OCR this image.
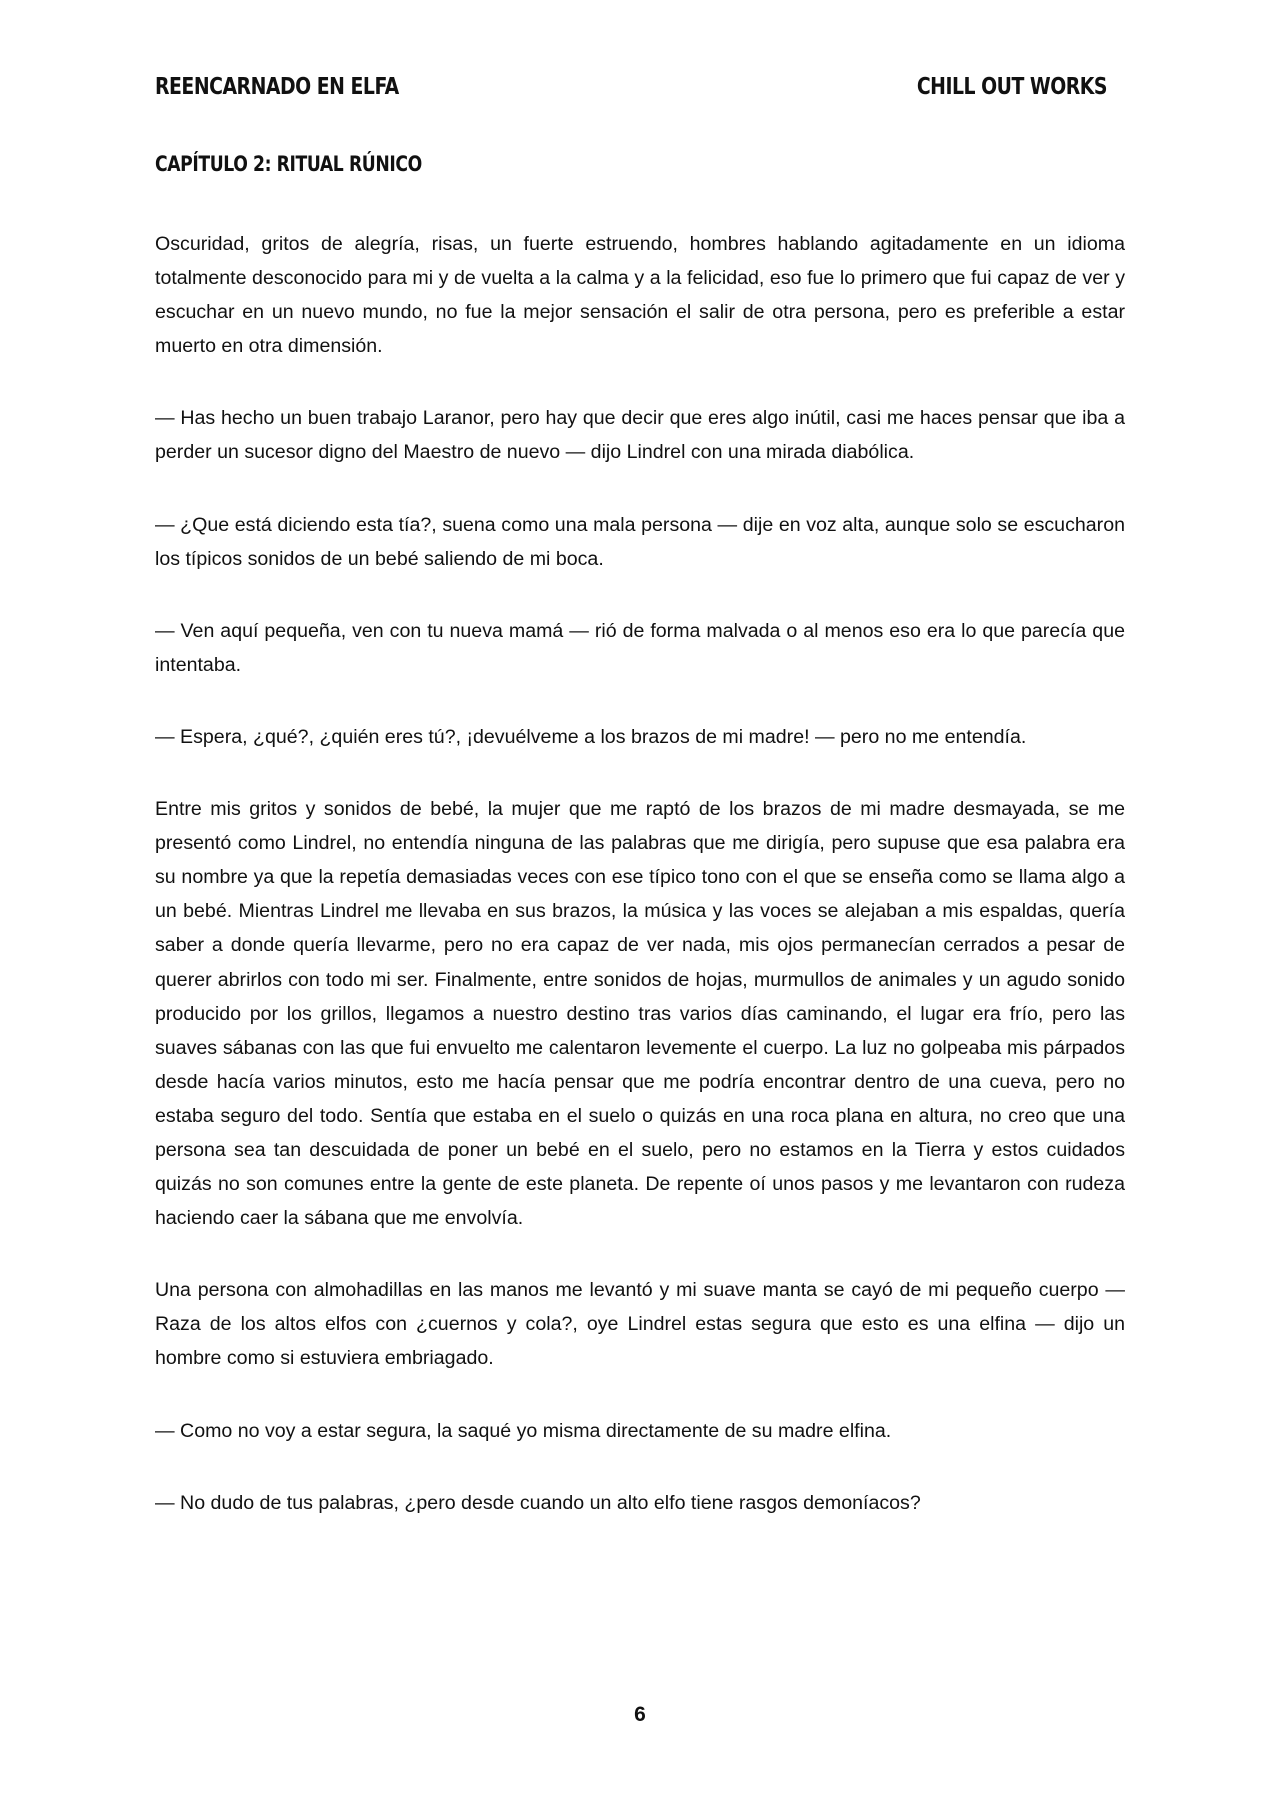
REENCARNADO EN ELFA	CHILL OUT WORKS
CAPÍTULO 2: RITUAL RÚNICO

Oscuridad, gritos de alegría, risas, un fuerte estruendo, hombres hablando agitadamente en un idioma totalmente desconocido para mi y de vuelta a la calma y a la felicidad, eso fue lo primero que fui capaz de ver y escuchar en un nuevo mundo, no fue la mejor sensación el salir de otra persona, pero es preferible a estar muerto en otra dimensión.

— Has hecho un buen trabajo Laranor, pero hay que decir que eres algo inútil, casi me haces pensar que iba a perder un sucesor digno del Maestro de nuevo — dijo Lindrel con una mirada diabólica.

— ¿Que está diciendo esta tía?, suena como una mala persona — dije en voz alta, aunque solo se escucharon los típicos sonidos de un bebé saliendo de mi boca.

— Ven aquí pequeña, ven con tu nueva mamá — rió de forma malvada o al menos eso era lo que parecía que intentaba.

— Espera, ¿qué?, ¿quién eres tú?, ¡devuélveme a los brazos de mi madre! — pero no me entendía.

Entre mis gritos y sonidos de bebé, la mujer que me raptó de los brazos de mi madre desmayada, se me presentó como Lindrel, no entendía ninguna de las palabras que me dirigía, pero supuse que esa palabra era su nombre ya que la repetía demasiadas veces con ese típico tono con el que se enseña como se llama algo a un bebé. Mientras Lindrel me llevaba en sus brazos, la música y las voces se alejaban a mis espaldas, quería saber a donde quería llevarme, pero no era capaz de ver nada, mis ojos permanecían cerrados a pesar de querer abrirlos con todo mi ser. Finalmente, entre sonidos de hojas, murmullos de animales y un agudo sonido producido por los grillos, llegamos a nuestro destino tras varios días caminando, el lugar era frío, pero las suaves sábanas con las que fui envuelto me calentaron levemente el cuerpo. La luz no golpeaba mis párpados desde hacía varios minutos, esto me hacía pensar que me podría encontrar dentro de una cueva, pero no estaba seguro del todo. Sentía que estaba en el suelo o quizás en una roca plana en altura, no creo que una persona sea tan descuidada de poner un bebé en el suelo, pero no estamos en la Tierra y estos cuidados quizás no son comunes entre la gente de este planeta. De repente oí unos pasos y me levantaron con rudeza haciendo caer la sábana que me envolvía.

Una persona con almohadillas en las manos me levantó y mi suave manta se cayó de mi pequeño cuerpo — Raza de los altos elfos con ¿cuernos y cola?, oye Lindrel estas segura que esto es una elfina — dijo un hombre como si estuviera embriagado.

— Como no voy a estar segura, la saqué yo misma directamente de su madre elfina.

— No dudo de tus palabras, ¿pero desde cuando un alto elfo tiene rasgos demoníacos?

6
